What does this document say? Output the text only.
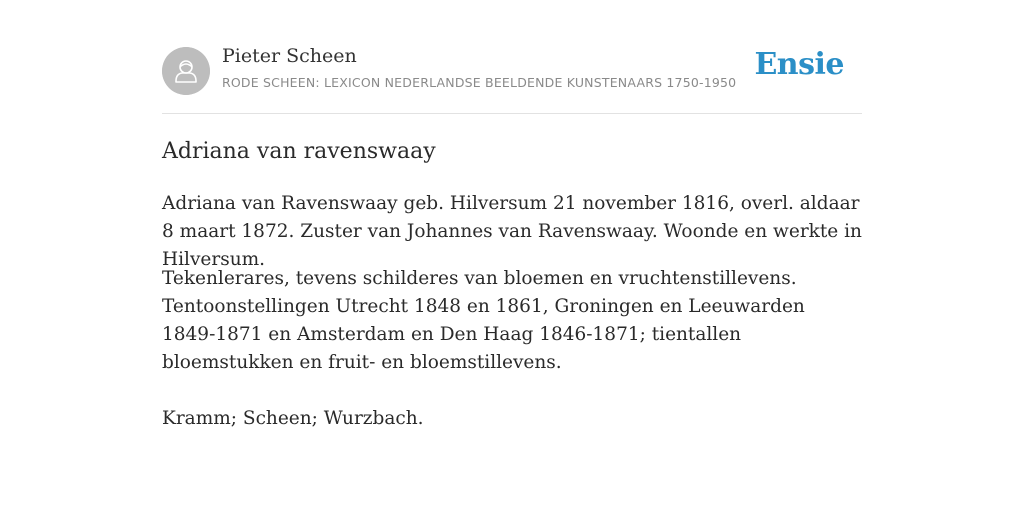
Pieter Scheen
RODE SCHEEN: LEXICON NEDERLANDSE BEELDENDE KUNSTENAARS 1750-1950
Ensie
Adriana van ravenswaay

Adriana van Ravenswaay geb. Hilversum 21 november 1816, overl. aldaar 8 maart 1872. Zuster van Johannes van Ravenswaay. Woonde en werkte in Hilversum.

Tekenlerares, tevens schilderes van bloemen en vruchtenstillevens. Tentoonstellingen Utrecht 1848 en 1861, Groningen en Leeuwarden 1849-1871 en Amsterdam en Den Haag 1846-1871; tientallen bloemstukken en fruit- en bloemstillevens.

Kramm; Scheen; Wurzbach.
